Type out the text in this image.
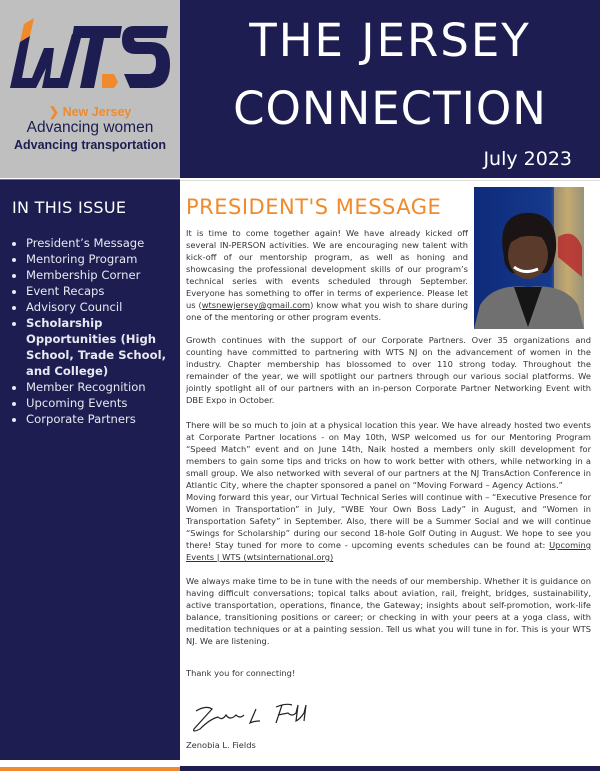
❯ New Jersey
Advancing women
Advancing transportation
THE JERSEY
CONNECTION
July 2023
IN THIS ISSUE
• President’s Message
• Mentoring Program
• Membership Corner
• Event Recaps
• Advisory Council
• Scholarship Opportunities (High School, Trade School, and College)
• Member Recognition
• Upcoming Events
• Corporate Partners
PRESIDENT'S MESSAGE

It is time to come together again! We have already kicked off several IN-PERSON activities. We are encouraging new talent with kick-off of our mentorship program, as well as honing and showcasing the professional development skills of our program’s technical series with events scheduled through September. Everyone has something to offer in terms of experience. Please let us (wtsnewjersey@gmail.com) know what you wish to share during one of the mentoring or other program events.

Growth continues with the support of our Corporate Partners. Over 35 organizations and counting have committed to partnering with WTS NJ on the advancement of women in the industry. Chapter membership has blossomed to over 110 strong today. Throughout the remainder of the year, we will spotlight our partners through our various social platforms. We jointly spotlight all of our partners with an in-person Corporate Partner Networking Event with DBE Expo in October.

There will be so much to join at a physical location this year. We have already hosted two events at Corporate Partner locations - on May 10th, WSP welcomed us for our Mentoring Program “Speed Match” event and on June 14th, Naik hosted a members only skill development for members to gain some tips and tricks on how to work better with others, while networking in a small group. We also networked with several of our partners at the NJ TransAction Conference in Atlantic City, where the chapter sponsored a panel on “Moving Forward – Agency Actions.”

Moving forward this year, our Virtual Technical Series will continue with – “Executive Presence for Women in Transportation” in July, “WBE Your Own Boss Lady” in August, and “Women in Transportation Safety” in September. Also, there will be a Summer Social and we will continue “Swings for Scholarship” during our second 18-hole Golf Outing in August. We hope to see you there! Stay tuned for more to come - upcoming events schedules can be found at: Upcoming Events | WTS (wtsinternational.org)

We always make time to be in tune with the needs of our membership. Whether it is guidance on having difficult conversations; topical talks about aviation, rail, freight, bridges, sustainability, active transportation, operations, finance, the Gateway; insights about self-promotion, work-life balance, transitioning positions or career; or checking in with your peers at a yoga class, with meditation techniques or at a painting session. Tell us what you will tune in for. This is your WTS NJ. We are listening.

Thank you for connecting!

Zenobia L. Fields
